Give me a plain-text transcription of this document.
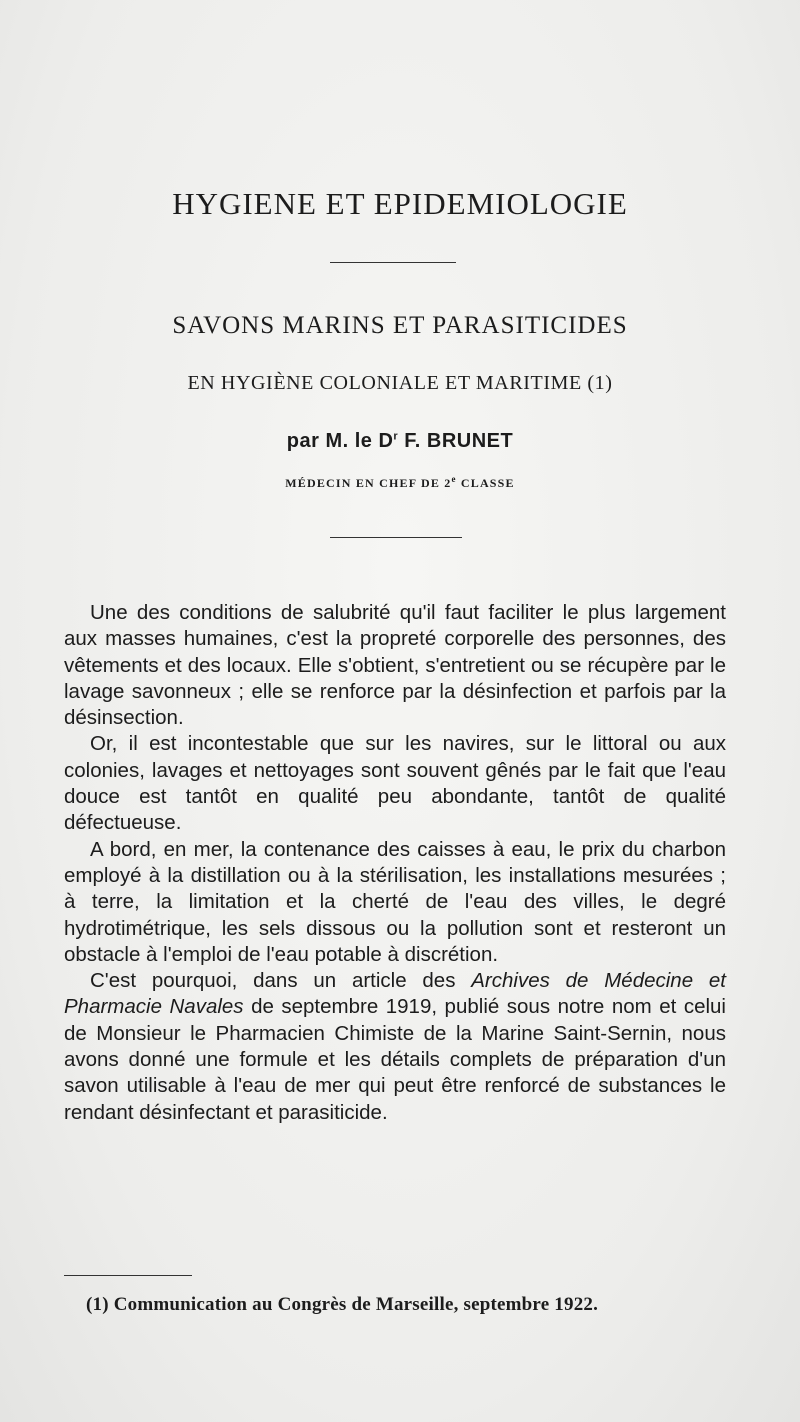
HYGIENE ET EPIDEMIOLOGIE
SAVONS MARINS ET PARASITICIDES
EN HYGIÈNE COLONIALE ET MARITIME (1)
par M. le $D^r$ F. BRUNET
MÉDECIN EN CHEF DE 2e CLASSE

Une des conditions de salubrité qu'il faut faciliter le plus largement aux masses humaines, c'est la propreté corporelle des personnes, des vêtements et des locaux. Elle s'obtient, s'entretient ou se récupère par le lavage savonneux ; elle se renforce par la désinfection et parfois par la désinsection.

Or, il est incontestable que sur les navires, sur le littoral ou aux colonies, lavages et nettoyages sont souvent gênés par le fait que l'eau douce est tantôt en qualité peu abondante, tantôt de qualité défectueuse.

A bord, en mer, la contenance des caisses à eau, le prix du charbon employé à la distillation ou à la stérilisation, les installations mesurées ; à terre, la limitation et la cherté de l'eau des villes, le degré hydrotimétrique, les sels dissous ou la pollution sont et resteront un obstacle à l'emploi de l'eau potable à discrétion.

C'est pourquoi, dans un article des Archives de Médecine et Pharmacie Navales de septembre 1919, publié sous notre nom et celui de Monsieur le Pharmacien Chimiste de la Marine Saint-Sernin, nous avons donné une formule et les détails complets de préparation d'un savon utilisable à l'eau de mer qui peut être renforcé de substances le rendant désinfectant et parasiticide.

(1) Communication au Congrès de Marseille, septembre 1922.
